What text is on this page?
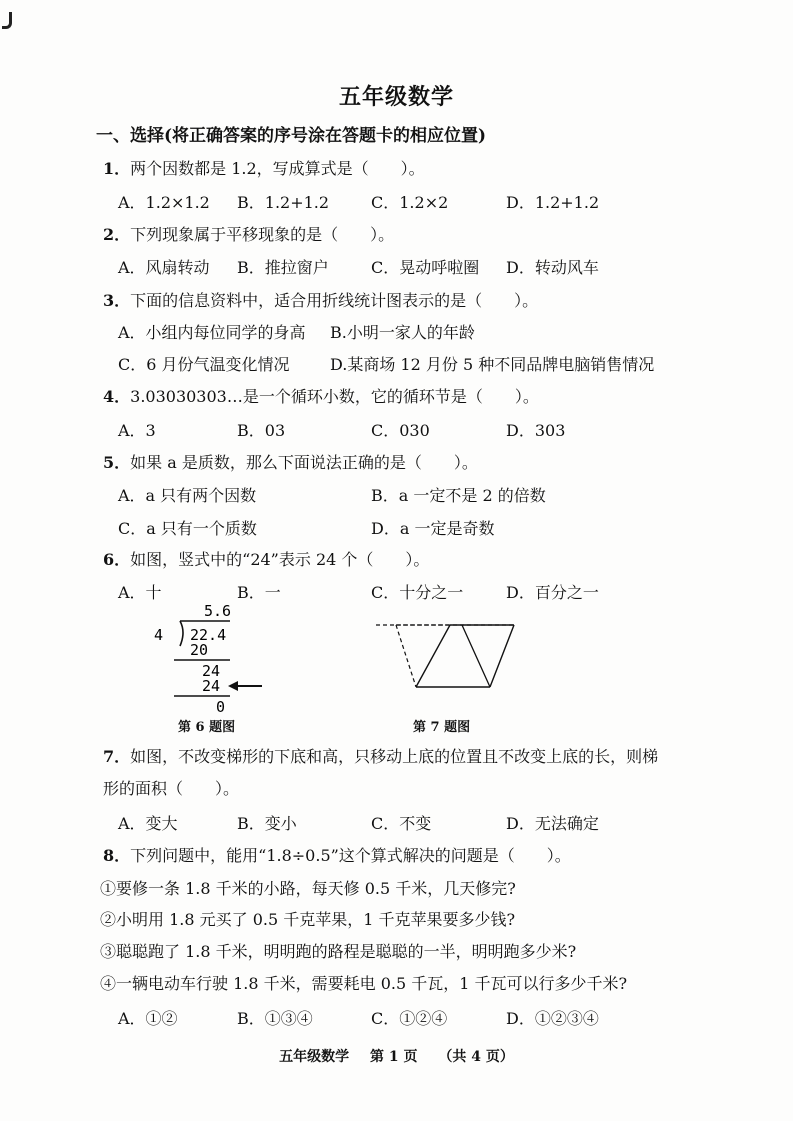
五年级数学
一、选择(将正确答案的序号涂在答题卡的相应位置)
1．两个因数都是 1.2，写成算式是（　　）。
A．1.2×1.2 B．1.2+1.2	C．1.2×2	D．1.2+1.2
2．下列现象属于平移现象的是（　　）。
A．风扇转动 B．推拉窗户	C．晃动呼啦圈 D．转动风车
3．下面的信息资料中，适合用折线统计图表示的是（　　）。
A．小组内每位同学的身高 B.小明一家人的年龄
C．6 月份气温变化情况	D.某商场 12 月份 5 种不同品牌电脑销售情况
4．3.03030303…是一个循环小数，它的循环节是（　　）。
A．3	B．03	C．030	D．303
5．如果 a 是质数，那么下面说法正确的是（　　）。
A．a 只有两个因数	B．a 一定不是 2 的倍数
C．a 只有一个质数	D．a 一定是奇数
6．如图，竖式中的“24”表示 24 个（　　）。
A．十	B．一	C．十分之一	D．百分之一
5.6
4 22.4
20
24
24
0
第 6 题图	第 7 题图
7．如图，不改变梯形的下底和高，只移动上底的位置且不改变上底的长，则梯
形的面积（　　）。
A．变大	B．变小	C．不变	D．无法确定
8．下列问题中，能用“1.8÷0.5”这个算式解决的问题是（　　）。
①要修一条 1.8 千米的小路，每天修 0.5 千米，几天修完?
②小明用 1.8 元买了 0.5 千克苹果，1 千克苹果要多少钱?
③聪聪跑了 1.8 千米，明明跑的路程是聪聪的一半，明明跑多少米?
④一辆电动车行驶 1.8 千米，需要耗电 0.5 千瓦，1 千瓦可以行多少千米?
A．①②	B．①③④	C．①②④	D．①②③④
五年级数学 第 1 页 （共 4 页）
